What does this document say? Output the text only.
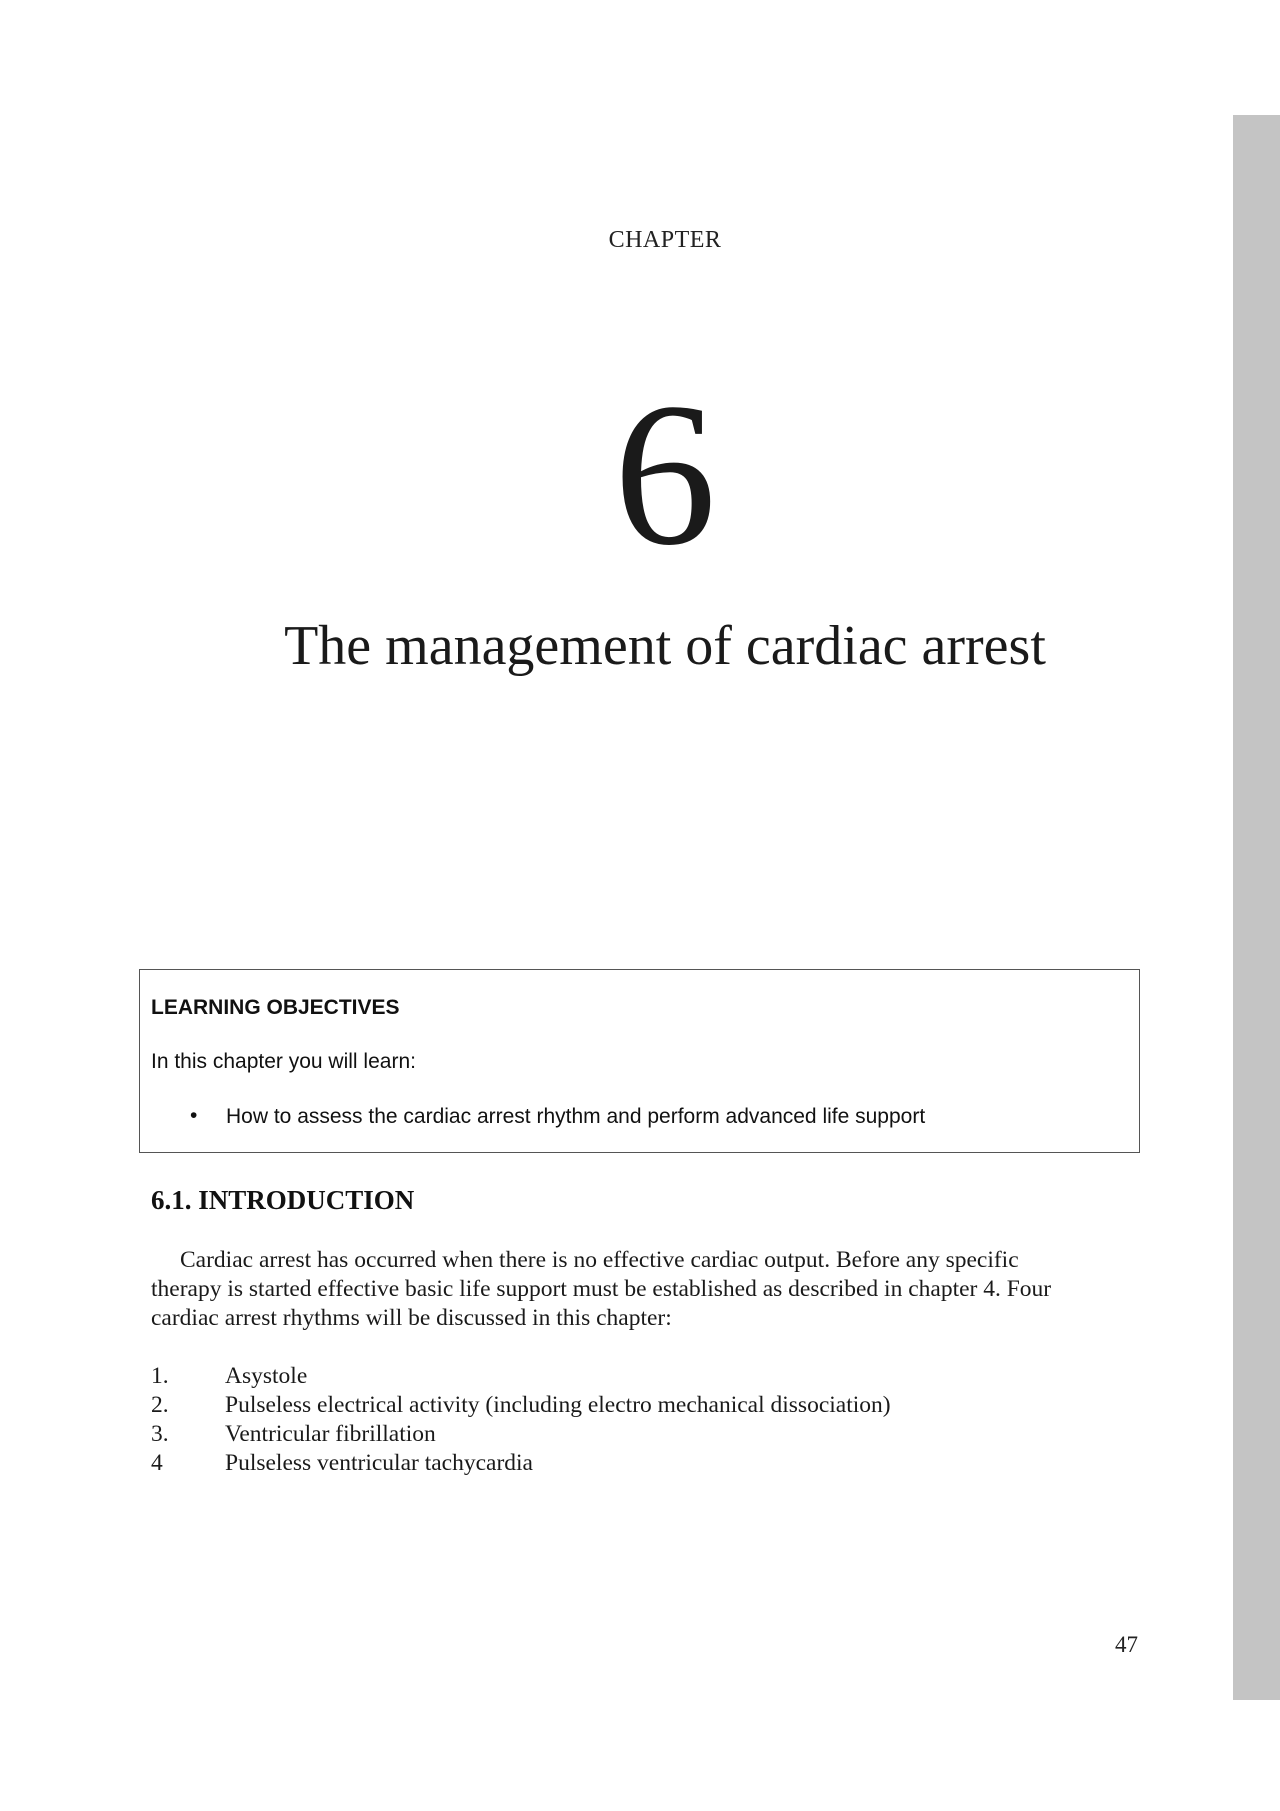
CHAPTER
6
The management of cardiac arrest
LEARNING OBJECTIVES
In this chapter you will learn:
• How to assess the cardiac arrest rhythm and perform advanced life support
6.1. INTRODUCTION

Cardiac arrest has occurred when there is no effective cardiac output. Before any specific therapy is started effective basic life support must be established as described in chapter 4. Four cardiac arrest rhythms will be discussed in this chapter:

1.	Asystole
2.	Pulseless electrical activity (including electro mechanical dissociation)
3.	Ventricular fibrillation
4	Pulseless ventricular tachycardia
47
